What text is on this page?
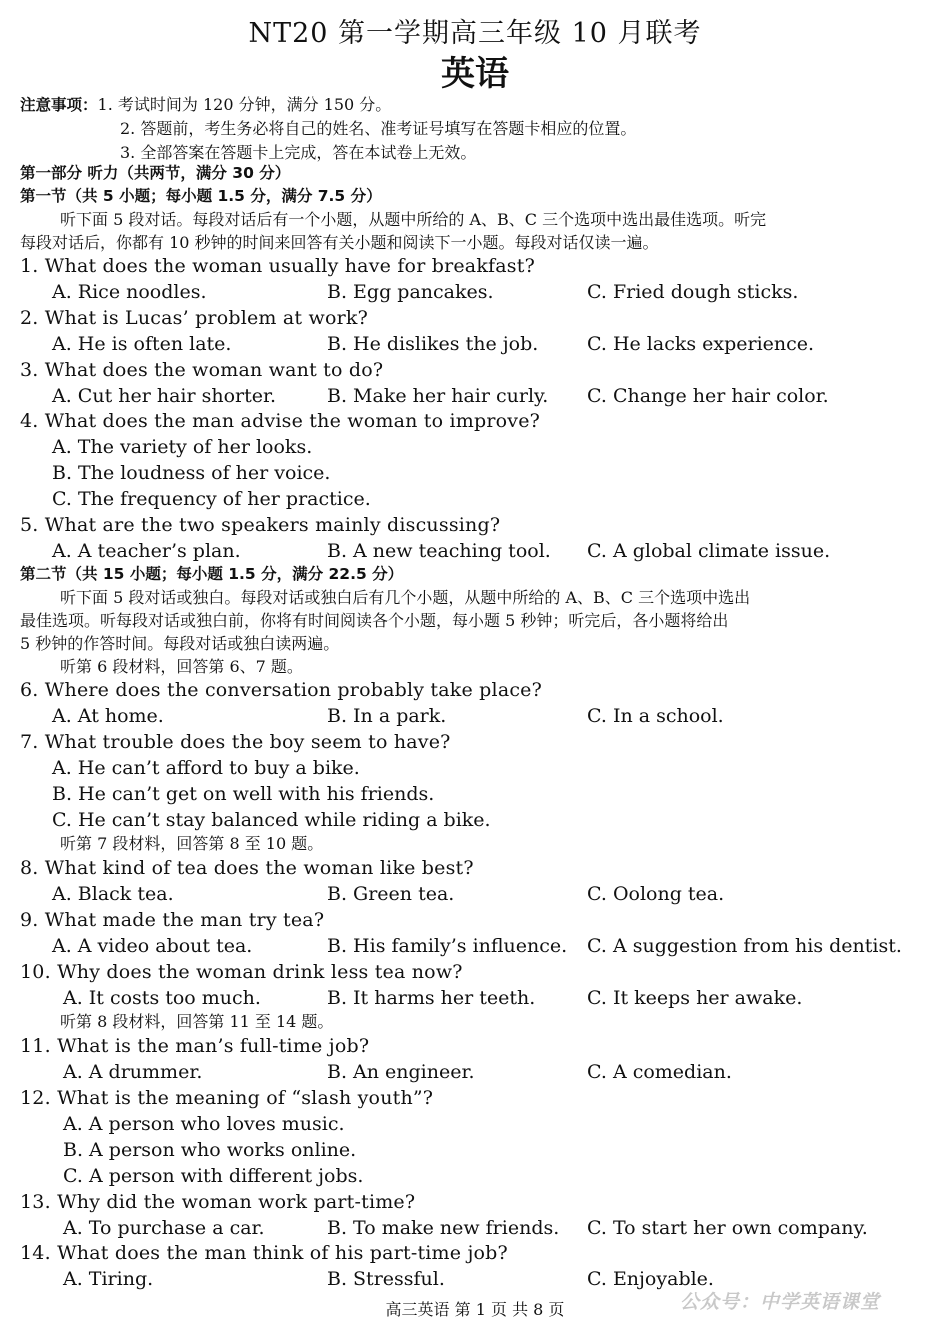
NT20 第一学期高三年级 10 月联考
英语
注意事项：1. 考试时间为 120 分钟，满分 150 分。
2. 答题前，考生务必将自己的姓名、准考证号填写在答题卡相应的位置。
3. 全部答案在答题卡上完成，答在本试卷上无效。
第一部分 听力（共两节，满分 30 分）
第一节（共 5 小题；每小题 1.5 分，满分 7.5 分）
听下面 5 段对话。每段对话后有一个小题，从题中所给的 A、B、C 三个选项中选出最佳选项。听完
每段对话后，你都有 10 秒钟的时间来回答有关小题和阅读下一小题。每段对话仅读一遍。
1. What does the woman usually have for breakfast?
A. Rice noodles.	B. Egg pancakes.	C. Fried dough sticks.
2. What is Lucas’ problem at work?
A. He is often late.	B. He dislikes the job.	C. He lacks experience.
3. What does the woman want to do?
A. Cut her hair shorter.	B. Make her hair curly. C. Change her hair color.
4. What does the man advise the woman to improve?
A. The variety of her looks.
B. The loudness of her voice.
C. The frequency of her practice.
5. What are the two speakers mainly discussing?
A. A teacher’s plan.	B. A new teaching tool. C. A global climate issue.
第二节（共 15 小题；每小题 1.5 分，满分 22.5 分）
听下面 5 段对话或独白。每段对话或独白后有几个小题，从题中所给的 A、B、C 三个选项中选出
最佳选项。听每段对话或独白前，你将有时间阅读各个小题，每小题 5 秒钟；听完后，各小题将给出
5 秒钟的作答时间。每段对话或独白读两遍。
听第 6 段材料，回答第 6、7 题。
6. Where does the conversation probably take place?
A. At home.	B. In a park.	C. In a school.
7. What trouble does the boy seem to have?
A. He can’t afford to buy a bike.
B. He can’t get on well with his friends.
C. He can’t stay balanced while riding a bike.
听第 7 段材料，回答第 8 至 10 题。
8. What kind of tea does the woman like best?
A. Black tea.	B. Green tea.	C. Oolong tea.
9. What made the man try tea?
A. A video about tea.	B. His family’s influence. C. A suggestion from his dentist.
10. Why does the woman drink less tea now?
A. It costs too much.	B. It harms her teeth.	C. It keeps her awake.
听第 8 段材料，回答第 11 至 14 题。
11. What is the man’s full-time job?
A. A drummer.	B. An engineer.	C. A comedian.
12. What is the meaning of “slash youth”?
A. A person who loves music.
B. A person who works online.
C. A person with different jobs.
13. Why did the woman work part-time?
A. To purchase a car.	B. To make new friends. C. To start her own company.
14. What does the man think of his part-time job?
A. Tiring.	B. Stressful.	C. Enjoyable.
高三英语 第 1 页 共 8 页	公众号：中学英语课堂
